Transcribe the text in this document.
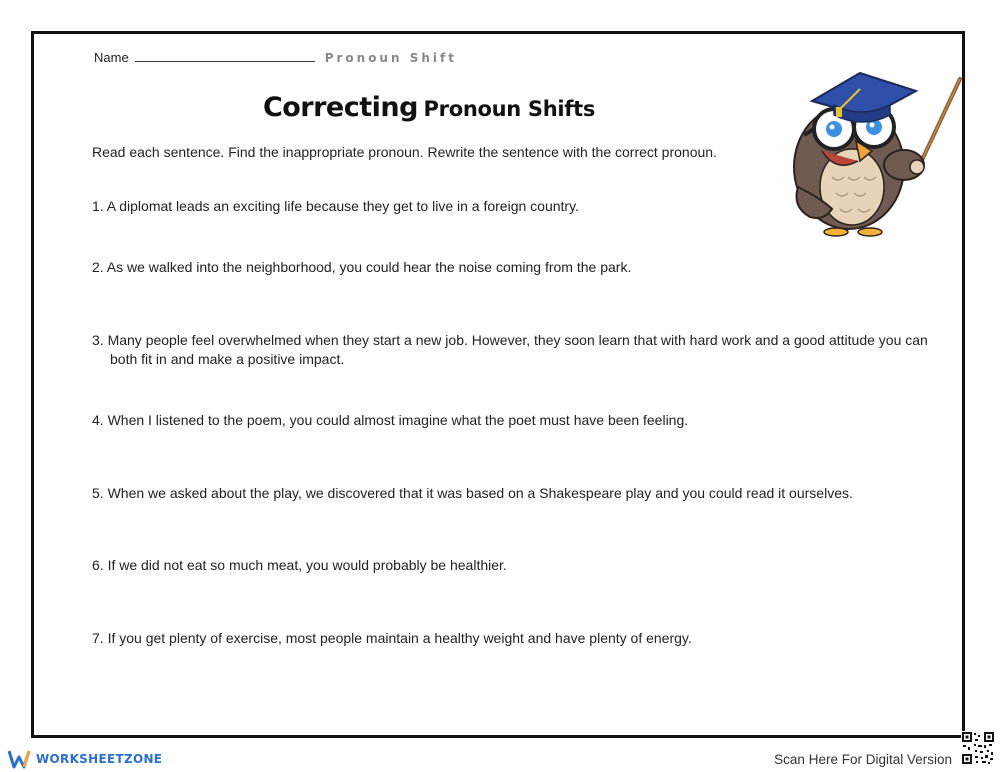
Name	Pronoun Shift
Correcting Pronoun Shifts
Read each sentence. Find the inappropriate pronoun. Rewrite the sentence with the correct pronoun.
1. A diplomat leads an exciting life because they get to live in a foreign country.
2. As we walked into the neighborhood, you could hear the noise coming from the park.
3. Many people feel overwhelmed when they start a new job. However, they soon learn that with hard work and a good attitude you can both fit in and make a positive impact.
4. When I listened to the poem, you could almost imagine what the poet must have been feeling.
5. When we asked about the play, we discovered that it was based on a Shakespeare play and you could read it ourselves.
6. If we did not eat so much meat, you would probably be healthier.
7. If you get plenty of exercise, most people maintain a healthy weight and have plenty of energy.
WORKSHEETZONE	Scan Here For Digital Version
